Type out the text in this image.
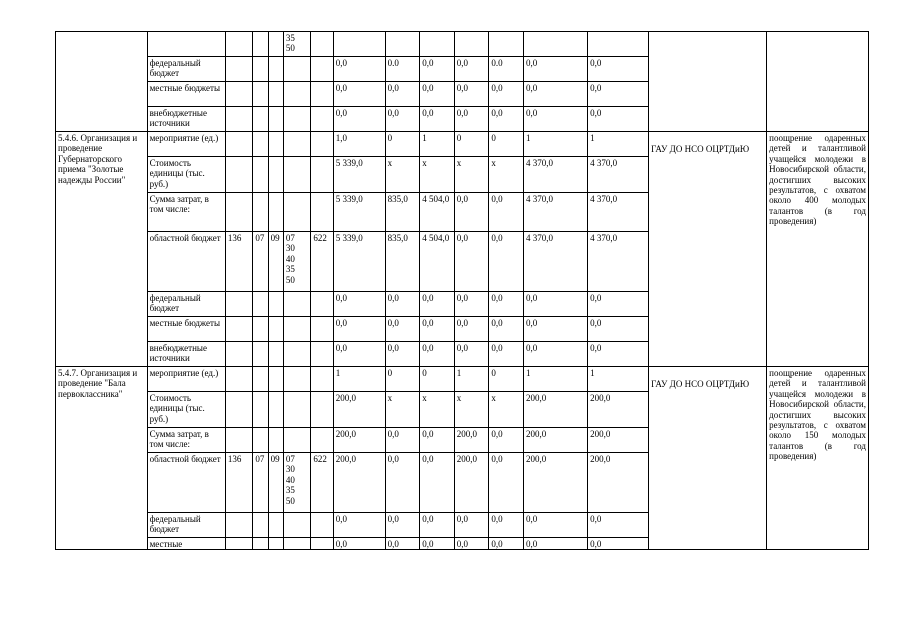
					35
50										
	федеральный бюджет						0,0	0.0	0,0	0,0	0.0	0,0	0,0		
	местные бюджеты						0,0	0,0	0,0	0,0	0,0	0,0	0,0		
	внебюджетные источники						0,0	0,0	0,0	0,0	0,0	0,0	0,0		
5.4.6. Организация и проведение Губернаторского приема "Золотые надежды России"	мероприятие (ед.)						1,0	0	1	0	0	1	1	ГАУ ДО НСО ОЦРТДиЮ	поощрение одаренных детей и талантливой учащейся молодежи в Новосибирской области, достигших высоких результатов, с охватом около 400 молодых талантов (в год проведения)
	Стоимость единицы (тыс. руб.)						5 339,0	x	x	x	x	4 370,0	4 370,0		
	Сумма затрат, в том числе:						5 339,0	835,0	4 504,0	0,0	0,0	4 370,0	4 370,0		
	областной бюджет	136	07	09	07
30
40
35
50	622	5 339,0	835,0	4 504,0	0,0	0,0	4 370,0	4 370,0		
	федеральный бюджет						0,0	0,0	0,0	0,0	0,0	0,0	0,0		
	местные бюджеты						0,0	0,0	0,0	0,0	0,0	0,0	0,0		
	внебюджетные источники						0,0	0,0	0,0	0,0	0,0	0,0	0,0		
5.4.7. Организация и проведение "Бала первоклассника"	мероприятие (ед.)						1	0	0	1	0	1	1	ГАУ ДО НСО ОЦРТДиЮ	поощрение одаренных детей и талантливой учащейся молодежи в Новосибирской области, достигших высоких результатов, с охватом около 150 молодых талантов (в год проведения)
	Стоимость единицы (тыс. руб.)						200,0	x	x	x	x	200,0	200,0		
	Сумма затрат, в том числе:						200,0	0,0	0,0	200,0	0,0	200,0	200,0		
	областной бюджет	136	07	09	07
30
40
35
50	622	200,0	0,0	0,0	200,0	0,0	200,0	200,0		
	федеральный бюджет						0,0	0,0	0,0	0,0	0,0	0,0	0,0		
	местные						0,0	0,0	0,0	0,0	0,0	0,0	0,0		
